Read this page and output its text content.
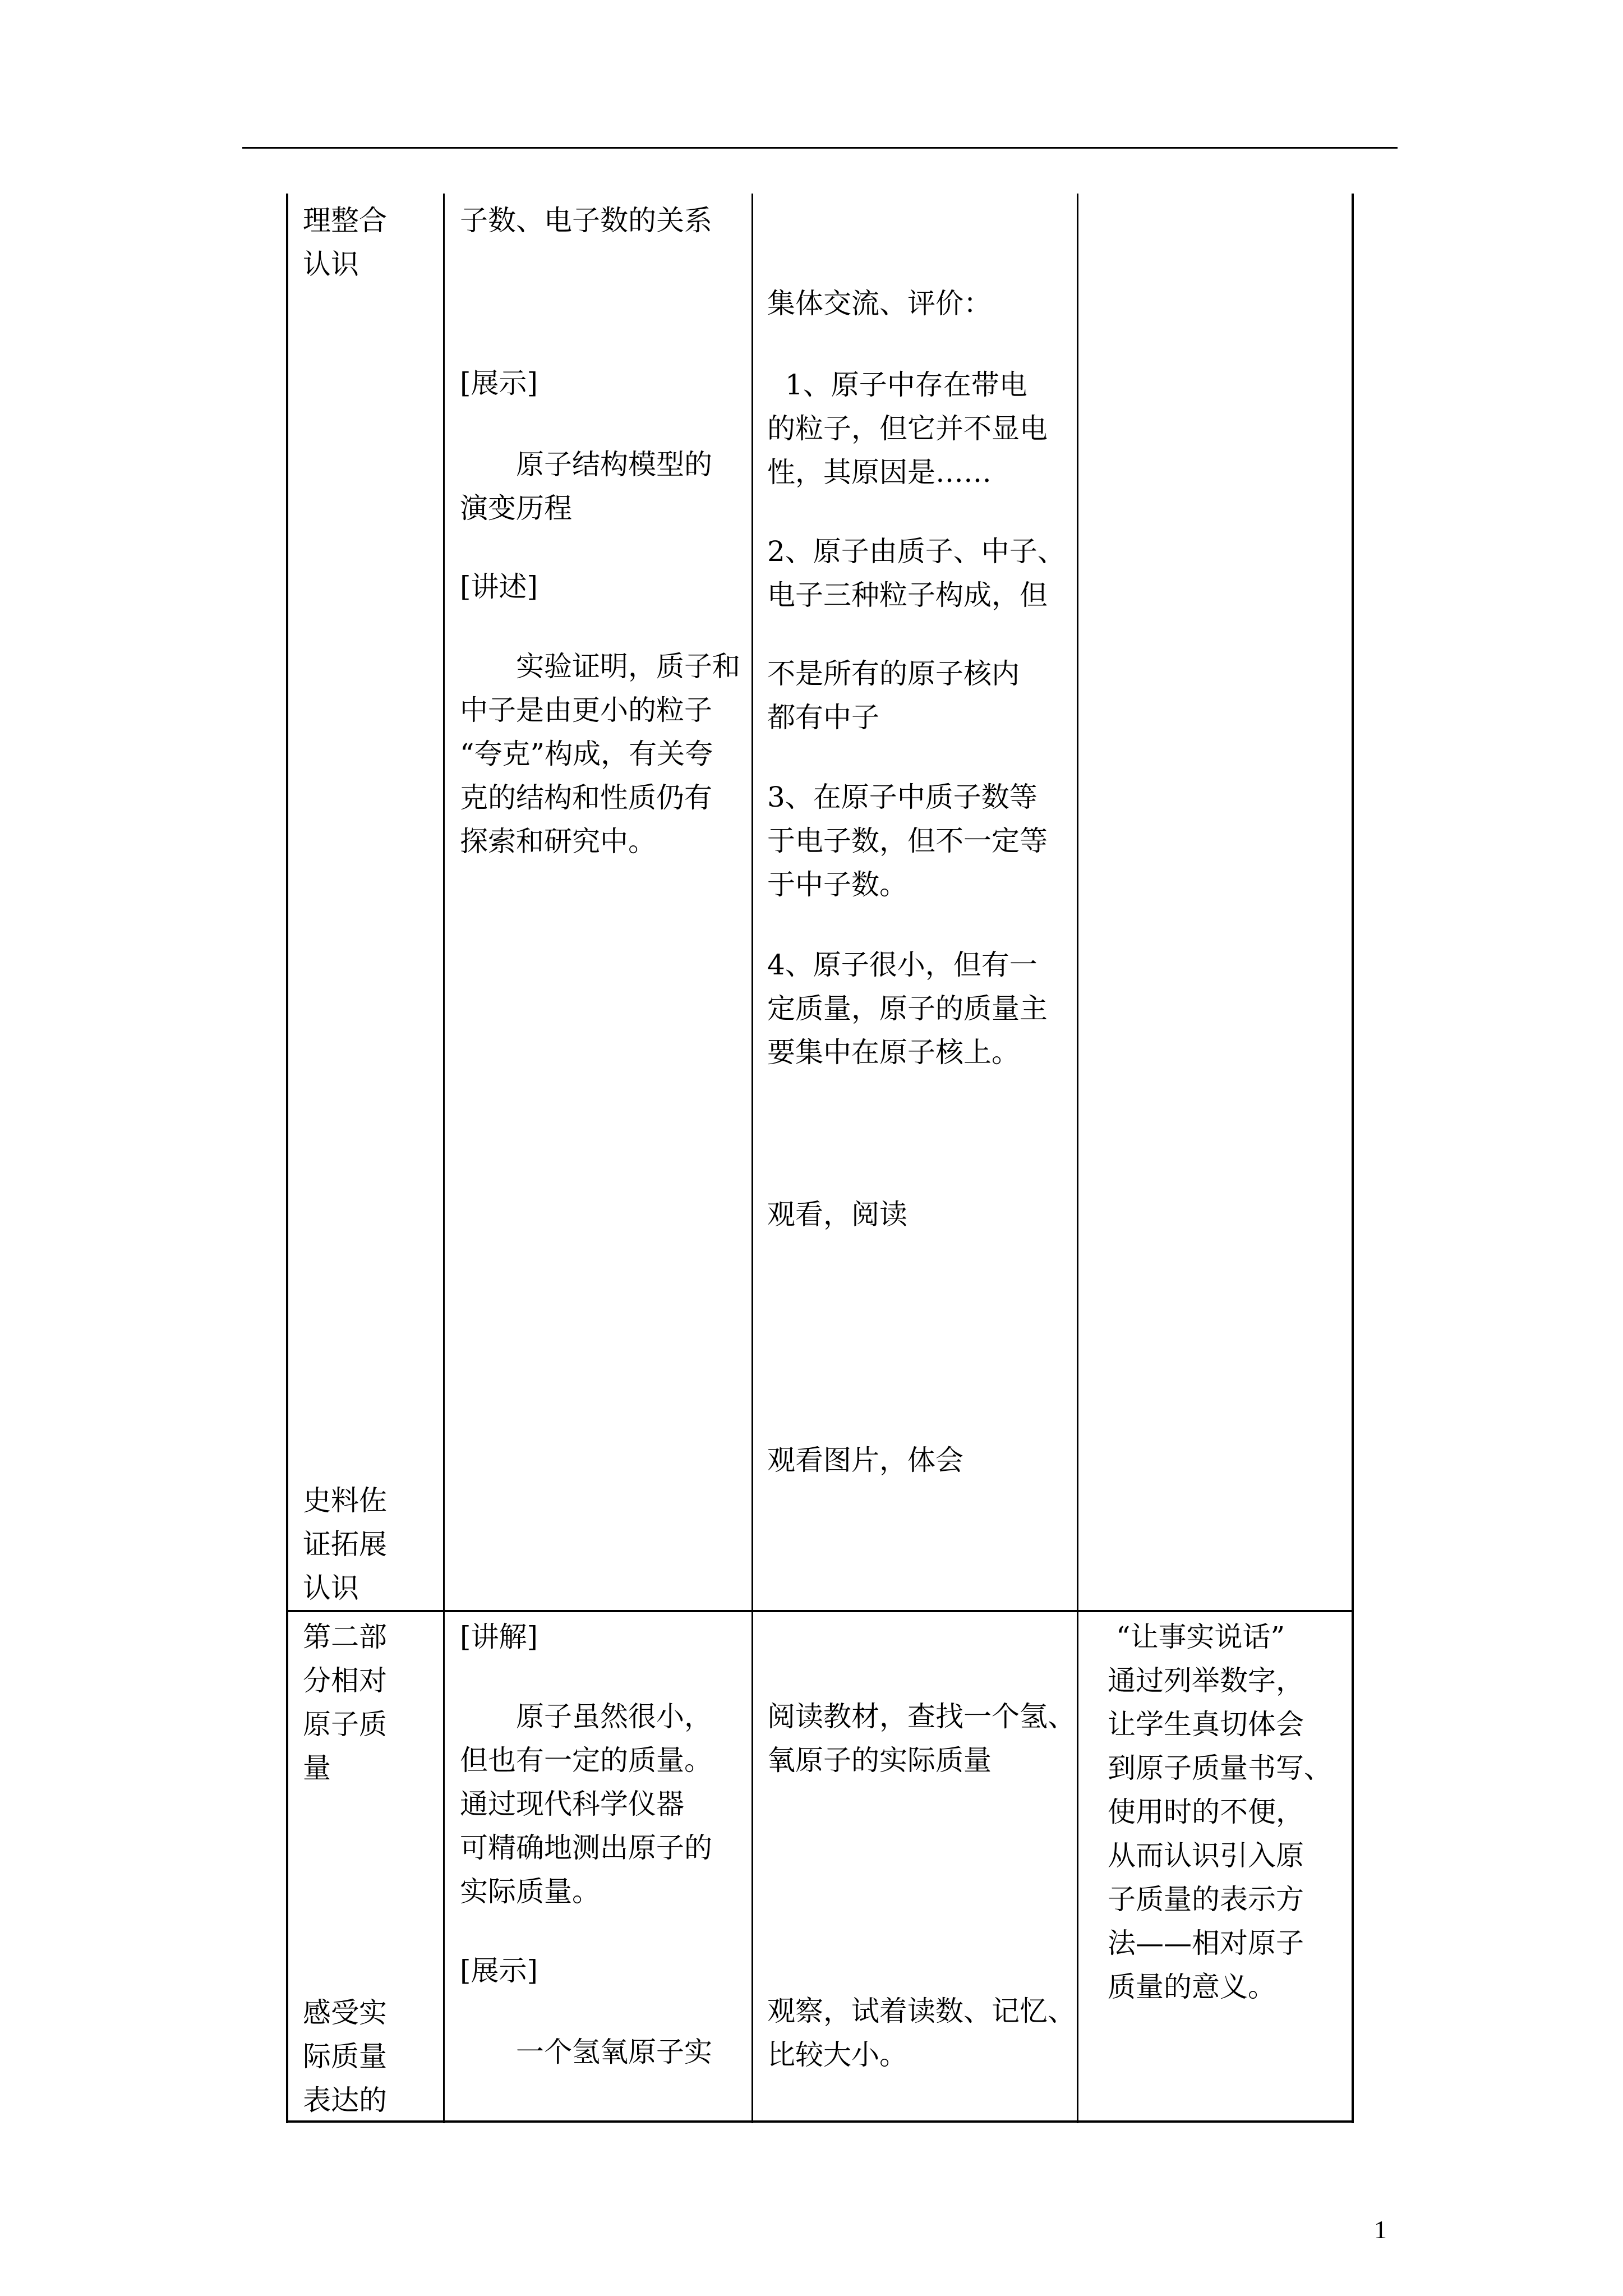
理整合
认识
史料佐
证拓展
认识
子数、电子数的关系
[展示]
原子结构模型的
演变历程
[讲述]
实验证明，质子和
中子是由更小的粒子
“夸克”构成，有关夸
克的结构和性质仍有
探索和研究中。
集体交流、评价：
1、原子中存在带电
的粒子，但它并不显电
性，其原因是……
2、原子由质子、中子、
电子三种粒子构成，但
不是所有的原子核内
都有中子
3、在原子中质子数等
于电子数，但不一定等
于中子数。
4、原子很小，但有一
定质量，原子的质量主
要集中在原子核上。
观看，阅读
观看图片，体会
第二部
分相对
原子质
量
感受实
际质量
表达的
[讲解]
原子虽然很小，
但也有一定的质量。
通过现代科学仪器
可精确地测出原子的
实际质量。
[展示]
一个氢氧原子实
阅读教材，查找一个氢、
氧原子的实际质量
观察，试着读数、记忆、
比较大小。
“让事实说话”
通过列举数字，
让学生真切体会
到原子质量书写、
使用时的不便，
从而认识引入原
子质量的表示方
法——相对原子
质量的意义。
1
